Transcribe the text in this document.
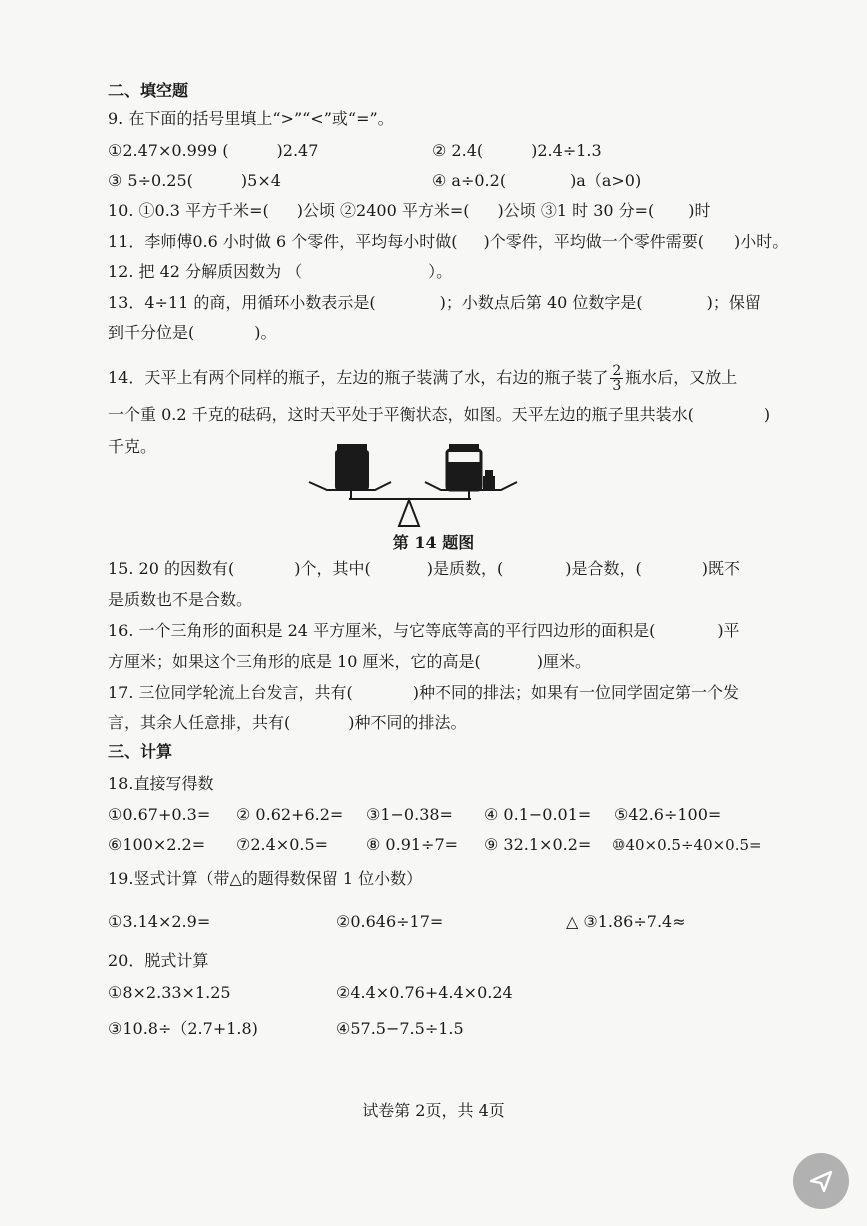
二、填空题
9. 在下面的括号里填上“>”“<”或“=”。
①2.47×0.999 (	)2.47	② 2.4(	)2.4÷1.3
③ 5÷0.25(	)5×4	④ a÷0.2(	)a（a>0)
10. ①0.3 平方千米=( )公顷 ②2400 平方米=( )公顷 ③1 时 30 分=( )时
11．李师傅0.6 小时做 6 个零件，平均每小时做( )个零件，平均做一个零件需要( )小时。
12. 把 42 分解质因数为 （	）。
13．4÷11 的商，用循环小数表示是(	)；小数点后第 40 位数字是(	)；保留
到千分位是(	)。
14．天平上有两个同样的瓶子，左边的瓶子装满了水，右边的瓶子装了 $\frac{2}{3}$ 瓶水后，又放上
一个重 0.2 千克的砝码，这时天平处于平衡状态，如图。天平左边的瓶子里共装水(	)
千克。
第 14 题图
15. 20 的因数有(	)个，其中(	)是质数，(	)是合数，(	)既不
是质数也不是合数。
16. 一个三角形的面积是 24 平方厘米，与它等底等高的平行四边形的面积是(	)平
方厘米；如果这个三角形的底是 10 厘米，它的高是(	)厘米。
17. 三位同学轮流上台发言，共有(	)种不同的排法；如果有一位同学固定第一个发
言，其余人任意排，共有(	)种不同的排法。
三、计算
18.直接写得数
①0.67+0.3= ② 0.62+6.2= ③1−0.38= ④ 0.1−0.01= ⑤42.6÷100=
⑥100×2.2= ⑦2.4×0.5= ⑧ 0.91÷7= ⑨ 32.1×0.2= ⑩40×0.5÷40×0.5=
19.竖式计算（带△的题得数保留 1 位小数）
①3.14×2.9=	②0.646÷17=	△ ③1.86÷7.4≈
20．脱式计算
①8×2.33×1.25	②4.4×0.76+4.4×0.24
③10.8÷（2.7+1.8)	④57.5−7.5÷1.5
试卷第 2页，共 4页
